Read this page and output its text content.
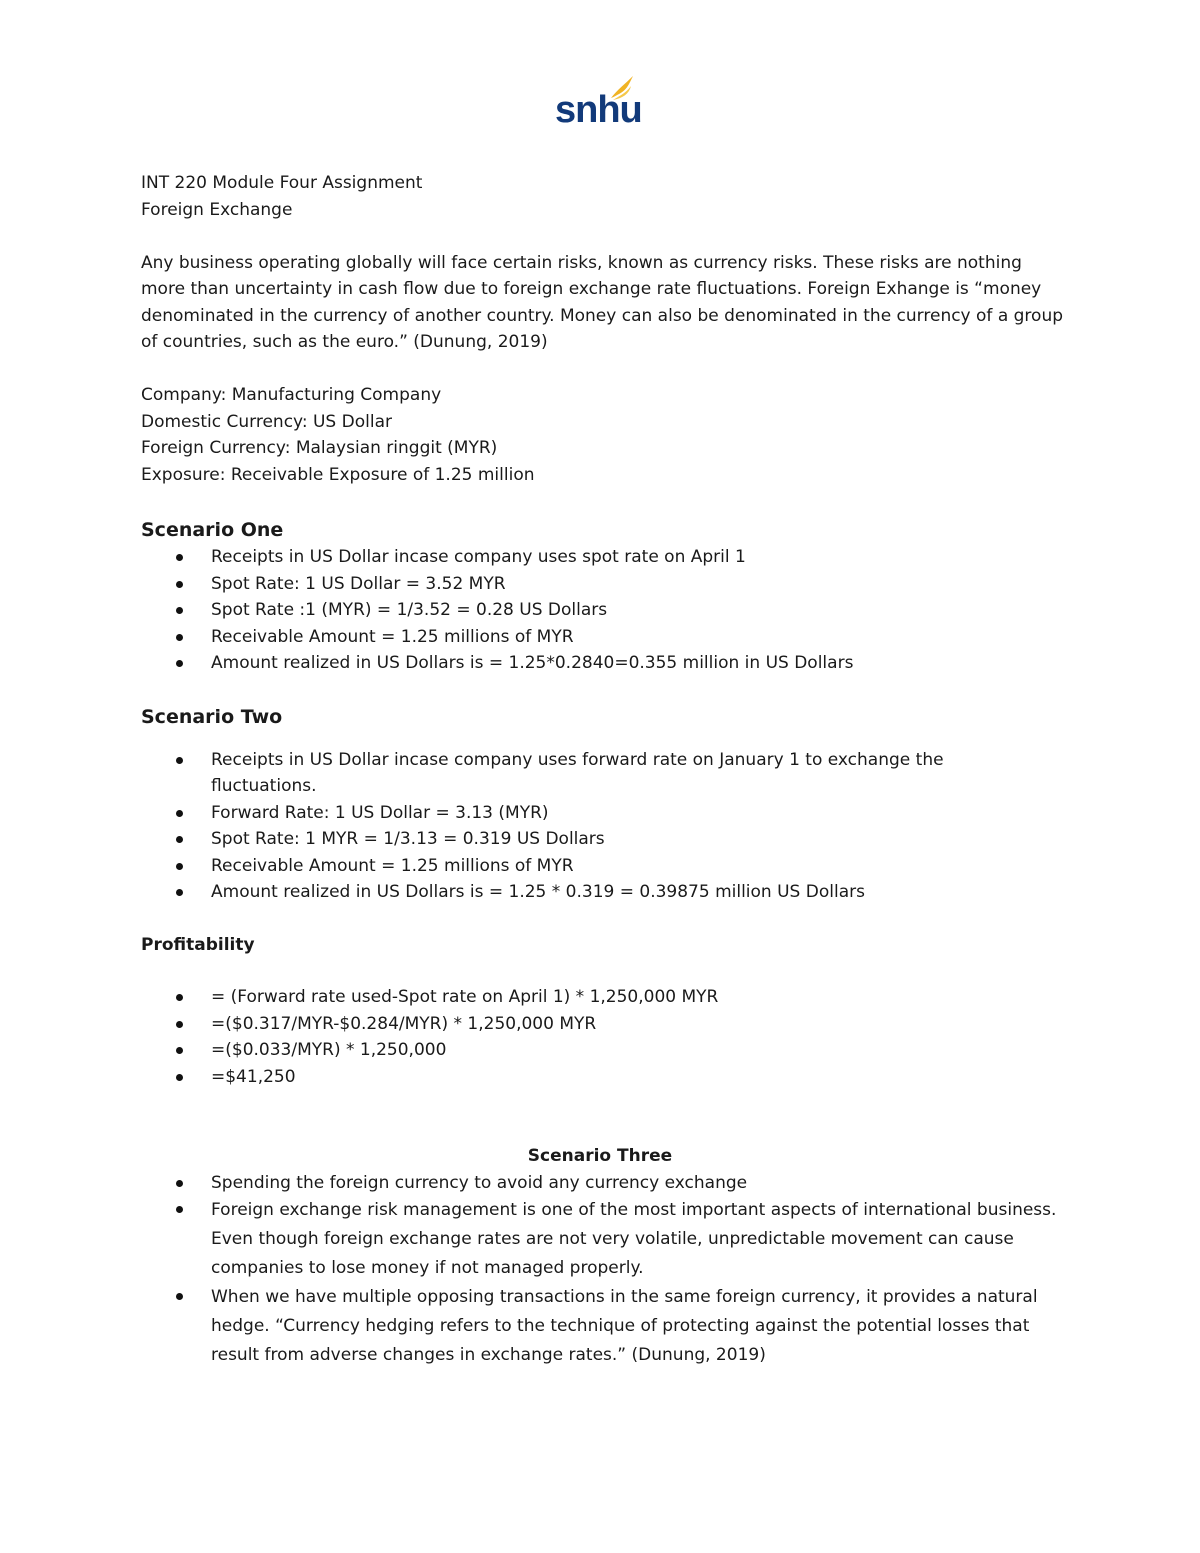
snhu
INT 220 Module Four Assignment
Foreign Exchange
Any business operating globally will face certain risks, known as currency risks. These risks are nothing more than uncertainty in cash flow due to foreign exchange rate fluctuations. Foreign Exhange is “money denominated in the currency of another country. Money can also be denominated in the currency of a group of countries, such as the euro.” (Dunung, 2019)
Company: Manufacturing Company
Domestic Currency: US Dollar
Foreign Currency: Malaysian ringgit (MYR)
Exposure: Receivable Exposure of 1.25 million
Scenario One
Receipts in US Dollar incase company uses spot rate on April 1
Spot Rate: 1 US Dollar = 3.52 MYR
Spot Rate :1 (MYR) = 1/3.52 = 0.28 US Dollars
Receivable Amount = 1.25 millions of MYR
Amount realized in US Dollars is = 1.25*0.2840=0.355 million in US Dollars
Scenario Two
Receipts in US Dollar incase company uses forward rate on January 1 to exchange the fluctuations.
Forward Rate: 1 US Dollar = 3.13 (MYR)
Spot Rate: 1 MYR = 1/3.13 = 0.319 US Dollars
Receivable Amount = 1.25 millions of MYR
Amount realized in US Dollars is = 1.25 * 0.319 = 0.39875 million US Dollars
Profitability
= (Forward rate used-Spot rate on April 1) * 1,250,000 MYR
=($0.317/MYR-$0.284/MYR) * 1,250,000 MYR
=($0.033/MYR) * 1,250,000
=$41,250
Scenario Three
Spending the foreign currency to avoid any currency exchange
Foreign exchange risk management is one of the most important aspects of international business. Even though foreign exchange rates are not very volatile, unpredictable movement can cause companies to lose money if not managed properly.
When we have multiple opposing transactions in the same foreign currency, it provides a natural hedge. “Currency hedging refers to the technique of protecting against the potential losses that result from adverse changes in exchange rates.” (Dunung, 2019)
